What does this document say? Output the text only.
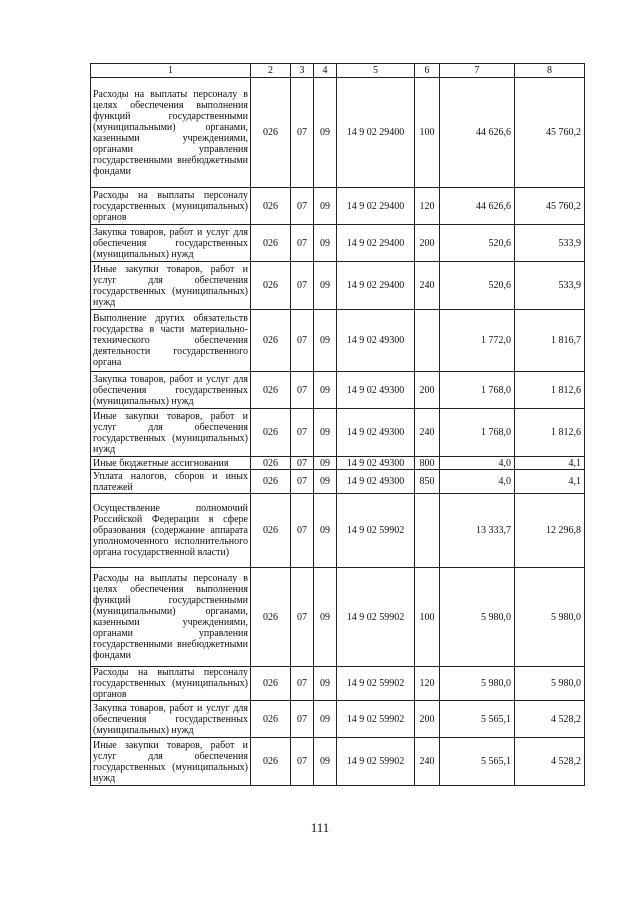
1	2	3	4	5	6	7	8
Расходы на выплаты персоналу в целях обеспечения выполнения функций государственными (муниципальными) органами, казенными учреждениями, органами управления государственными внебюджетными фондами	026	07	09	14 9 02 29400	100	44 626,6	45 760,2
Расходы на выплаты персоналу государственных (муниципальных) органов	026	07	09	14 9 02 29400	120	44 626,6	45 760,2
Закупка товаров, работ и услуг для обеспечения государственных (муниципальных) нужд	026	07	09	14 9 02 29400	200	520,6	533,9
Иные закупки товаров, работ и услуг для обеспечения государственных (муниципальных) нужд	026	07	09	14 9 02 29400	240	520,6	533,9
Выполнение других обязательств государства в части материально-технического обеспечения деятельности государственного органа	026	07	09	14 9 02 49300		1 772,0	1 816,7
Закупка товаров, работ и услуг для обеспечения государственных (муниципальных) нужд	026	07	09	14 9 02 49300	200	1 768,0	1 812,6
Иные закупки товаров, работ и услуг для обеспечения государственных (муниципальных) нужд	026	07	09	14 9 02 49300	240	1 768,0	1 812,6
Иные бюджетные ассигнования	026	07	09	14 9 02 49300	800	4,0	4,1
Уплата налогов, сборов и иных платежей	026	07	09	14 9 02 49300	850	4,0	4,1
Осуществление полномочий Российской Федерации в сфере образования (содержание аппарата уполномоченного исполнительного органа государственной власти)	026	07	09	14 9 02 59902		13 333,7	12 296,8
Расходы на выплаты персоналу в целях обеспечения выполнения функций государственными (муниципальными) органами, казенными учреждениями, органами управления государственными внебюджетными фондами	026	07	09	14 9 02 59902	100	5 980,0	5 980,0
Расходы на выплаты персоналу государственных (муниципальных) органов	026	07	09	14 9 02 59902	120	5 980,0	5 980,0
Закупка товаров, работ и услуг для обеспечения государственных (муниципальных) нужд	026	07	09	14 9 02 59902	200	5 565,1	4 528,2
Иные закупки товаров, работ и услуг для обеспечения государственных (муниципальных) нужд	026	07	09	14 9 02 59902	240	5 565,1	4 528,2
111
